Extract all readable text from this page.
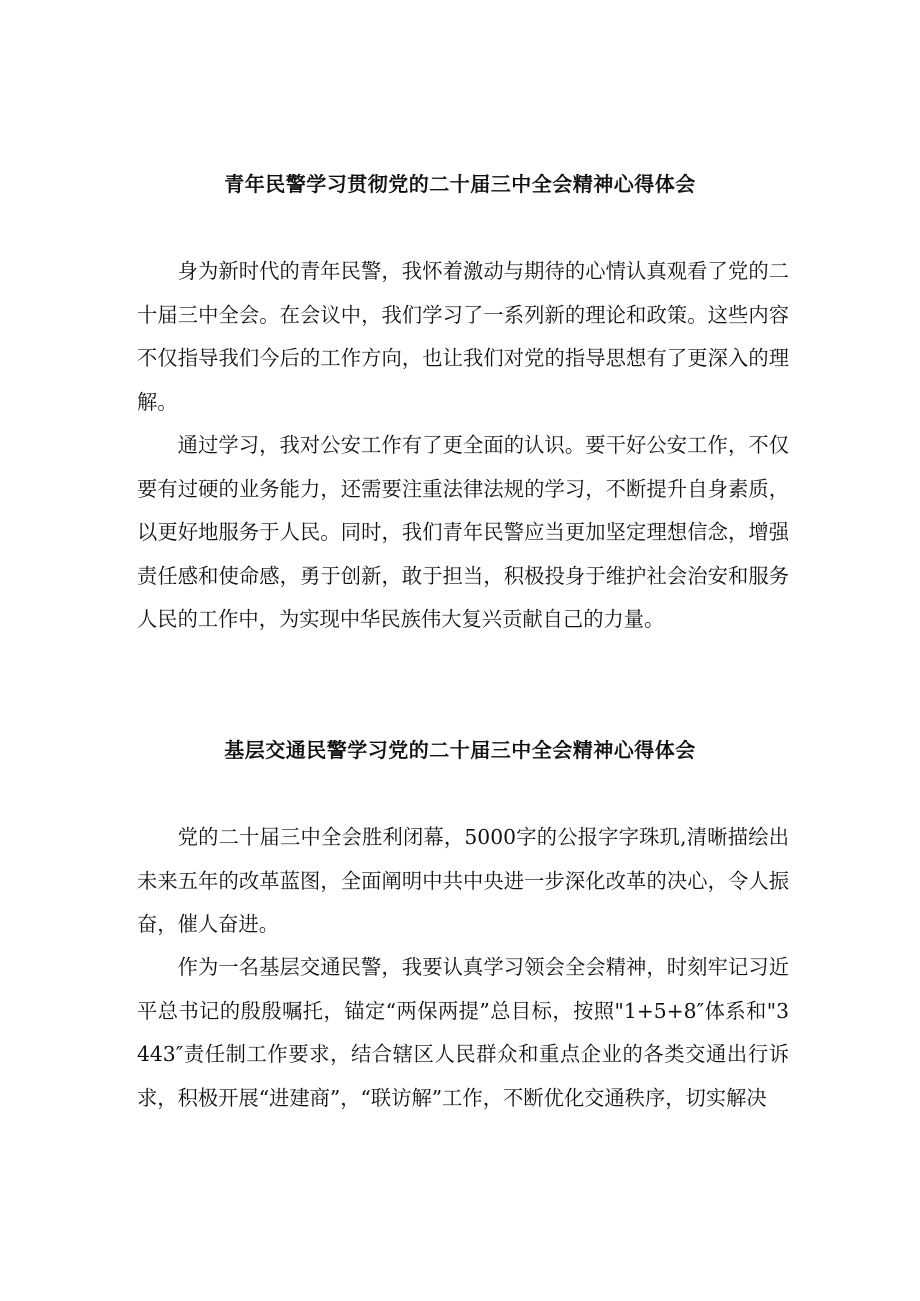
青年民警学习贯彻党的二十届三中全会精神心得体会

身为新时代的青年民警，我怀着激动与期待的心情认真观看了党的二十届三中全会。在会议中，我们学习了一系列新的理论和政策。这些内容不仅指导我们今后的工作方向，也让我们对党的指导思想有了更深入的理解。

通过学习，我对公安工作有了更全面的认识。要干好公安工作，不仅要有过硬的业务能力，还需要注重法律法规的学习，不断提升自身素质，以更好地服务于人民。同时，我们青年民警应当更加坚定理想信念，增强责任感和使命感，勇于创新，敢于担当，积极投身于维护社会治安和服务人民的工作中，为实现中华民族伟大复兴贡献自己的力量。

基层交通民警学习党的二十届三中全会精神心得体会

党的二十届三中全会胜利闭幕，5000字的公报字字珠玑,清晰描绘出未来五年的改革蓝图，全面阐明中共中央进一步深化改革的决心，令人振奋，催人奋进。

作为一名基层交通民警，我要认真学习领会全会精神，时刻牢记习近平总书记的殷殷嘱托，锚定“两保两提”总目标，按照"1+5+8″体系和"3443″责任制工作要求，结合辖区人民群众和重点企业的各类交通出行诉求，积极开展“进建商”，“联访解”工作，不断优化交通秩序，切实解决
